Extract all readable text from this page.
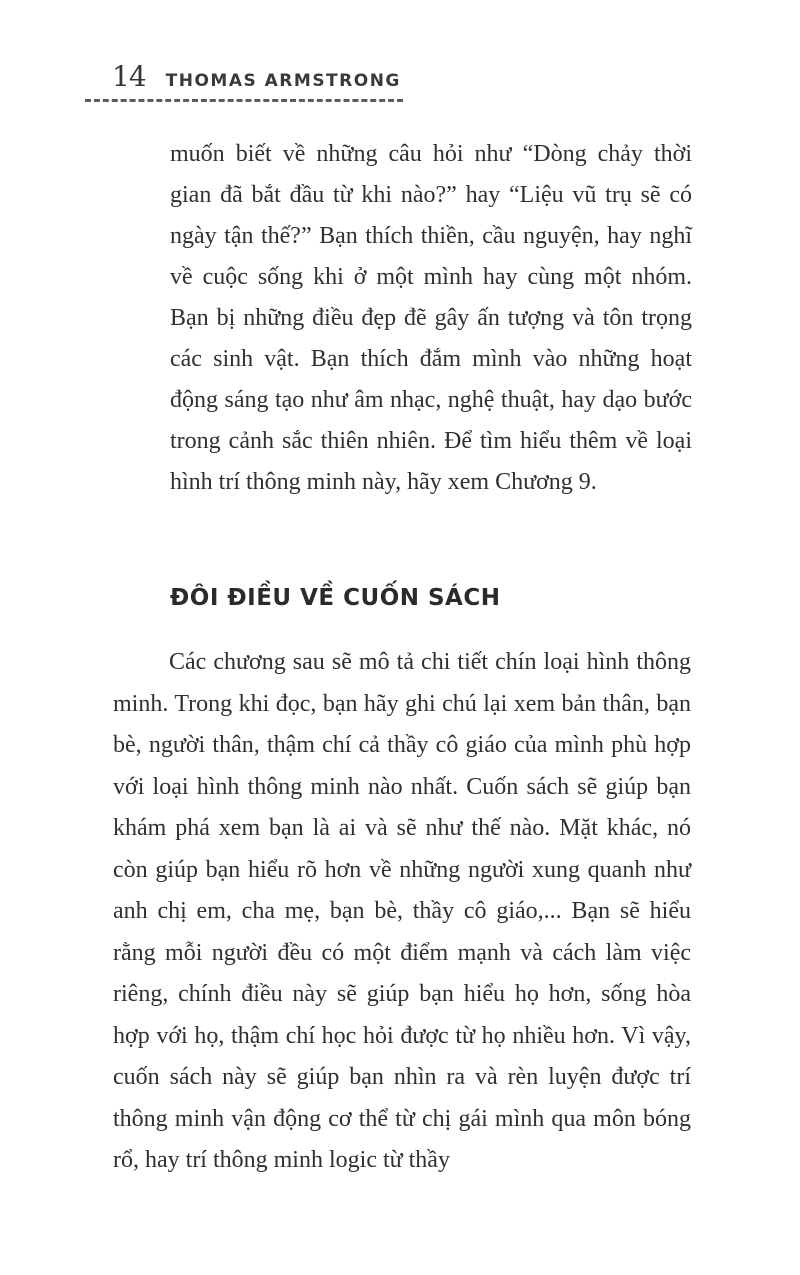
14 THOMAS ARMSTRONG

muốn biết về những câu hỏi như “Dòng chảy thời gian đã bắt đầu từ khi nào?” hay “Liệu vũ trụ sẽ có ngày tận thế?” Bạn thích thiền, cầu nguyện, hay nghĩ về cuộc sống khi ở một mình hay cùng một nhóm. Bạn bị những điều đẹp đẽ gây ấn tượng và tôn trọng các sinh vật. Bạn thích đắm mình vào những hoạt động sáng tạo như âm nhạc, nghệ thuật, hay dạo bước trong cảnh sắc thiên nhiên. Để tìm hiểu thêm về loại hình trí thông minh này, hãy xem Chương 9.

ĐÔI ĐIỀU VỀ CUỐN SÁCH

Các chương sau sẽ mô tả chi tiết chín loại hình thông minh. Trong khi đọc, bạn hãy ghi chú lại xem bản thân, bạn bè, người thân, thậm chí cả thầy cô giáo của mình phù hợp với loại hình thông minh nào nhất. Cuốn sách sẽ giúp bạn khám phá xem bạn là ai và sẽ như thế nào. Mặt khác, nó còn giúp bạn hiểu rõ hơn về những người xung quanh như anh chị em, cha mẹ, bạn bè, thầy cô giáo,... Bạn sẽ hiểu rằng mỗi người đều có một điểm mạnh và cách làm việc riêng, chính điều này sẽ giúp bạn hiểu họ hơn, sống hòa hợp với họ, thậm chí học hỏi được từ họ nhiều hơn. Vì vậy, cuốn sách này sẽ giúp bạn nhìn ra và rèn luyện được trí thông minh vận động cơ thể từ chị gái mình qua môn bóng rổ, hay trí thông minh logic từ thầy
